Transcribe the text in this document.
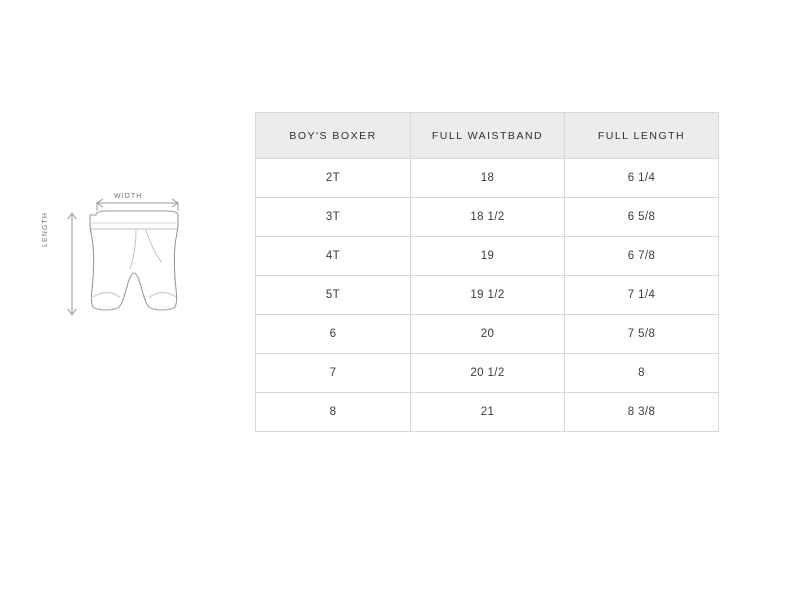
WIDTH
LENGTH
BOY'S BOXER	FULL WAISTBAND	FULL LENGTH
2T	18	6 1/4
3T	18 1/2	6 5/8
4T	19	6 7/8
5T	19 1/2	7 1/4
6	20	7 5/8
7	20 1/2	8
8	21	8 3/8
